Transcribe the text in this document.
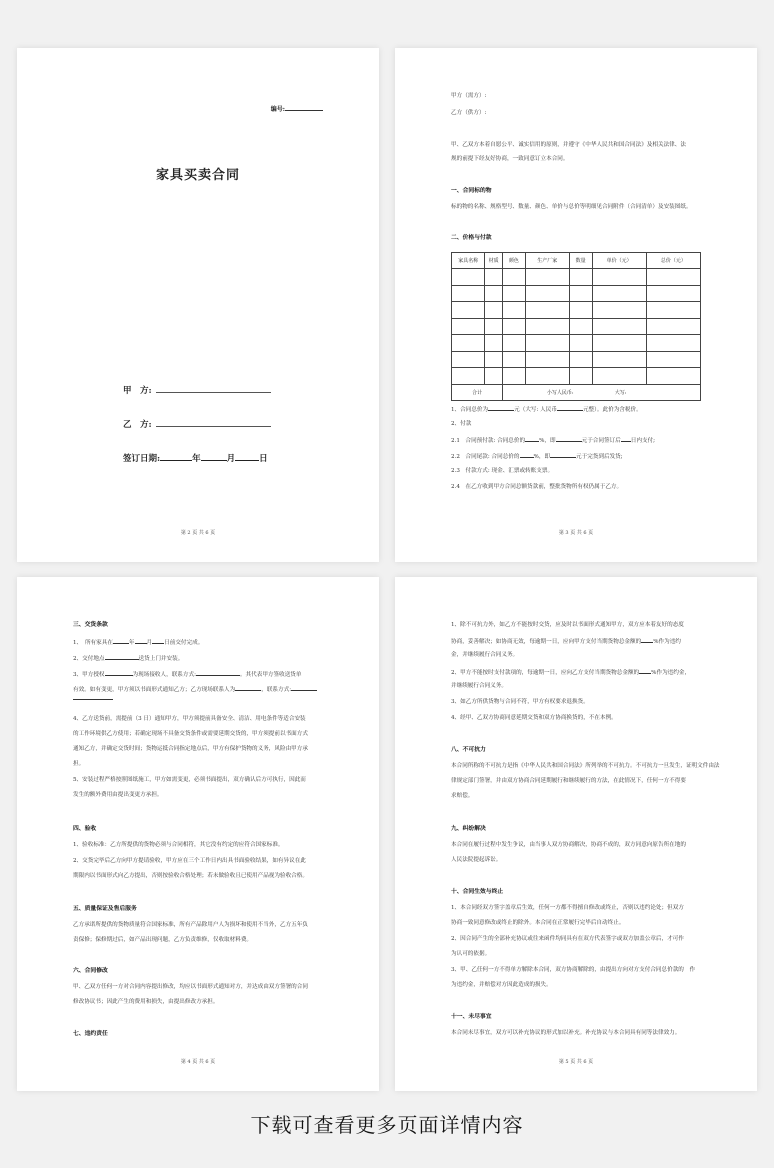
编号:
家具买卖合同
甲　方:
乙　方:
签订日期:	年	月	日
第 2 页 共 6 页
甲方（需方）:
乙方（供方）:
甲、乙双方本着自愿公平、诚实信用的原则，并遵守《中华人民共和国合同法》及相关法律、法
规的前提下经友好协商，一致同意订立本合同。
一、合同标的物
标的物的名称、规格型号、数量、颜色、单价与总价等明细见合同附件（合同清单）及安装图纸。
二、价格与付款
家具名称	材质	颜色	生产厂家	数量	单价（元）	总价（元）

合计		小写人民币: 大写:				
1、合同总价为	元（大写: 人民币	元整）。此价为含税价。
2、付款
2.1　合同预付款: 合同总价的	%，即	元于合同签订后 日内支付;
2.2　合同尾款: 合同总价的	%，即	元于完货到后发货;
2.3　付款方式: 现金、汇票或转账支票。
2.4　在乙方收到甲方合同总额货款前，整批货物所有权仍属于乙方。
第 3 页 共 6 页
三、交货条款
1、　所有家具在	年 月 日前交付完成。
2、交付地点	送货上门并安装。
3、甲方授权	为现场接收人，联系方式:	。其代表甲方签收送货单
有效。如有变更，甲方须以书面形式通知乙方；乙方现场联系人为	，联系方式:
4、乙方送货前，需提前（3 日）通知甲方，甲方须提前具备安全、清洁、用电条件等适合安装
的工作环境供乙方使用；若确定现场不具备交货条件或需要延期交货的，甲方须提前以书面方式
通知乙方，并确定交货时间；货物运抵合同指定地点后，甲方有保护货物的义务，风险由甲方承
担。
5、安装过程严格按照图纸施工，甲方如需变更，必须书面提出，双方确认后方可执行，因此而
发生的额外费用由提出变更方承担。
四、验收
1、验收标准：乙方所提供的货物必须与合同相符，其它没有约定的应符合国家标准。
2、交货完毕后乙方向甲方提请验收，甲方应在三个工作日内出具书面验收结果，如有异议在此
期限内以书面形式向乙方提出，否则按验收合格处理；若未做验收且已使用产品视为验收合格。
五、质量保证及售后服务
乙方承诺所提供的货物质量符合国家标准，所有产品除用户人为损坏和使用不当外，乙方五年负
责保修；保修期过后，如产品出现问题，乙方负责维修，仅收取材料费。
六、合同修改
甲、乙双方任何一方对合同内容提出修改，均应以书面形式通知对方，并达成由双方签署的合同
修改协议书；因此产生的费用和损失，由提出修改方承担。
七、违约责任
第 4 页 共 6 页
1、除不可抗力外，如乙方不能按时交货，应及时以书面形式通知甲方，双方应本着友好的态度
协商，妥善解决；如协商无效，每逾期一日，应向甲方支付当期货物总金额的 %作为违约
金，并继续履行合同义务。
2、甲方不能按时支付款项的，每逾期一日，应向乙方支付当期货物总金额的 %作为违约金，
并继续履行合同义务。
3、如乙方所供货物与合同不符，甲方有权要求退换货。
4、经甲、乙双方协商同意延期交货和双方协商换货的，不在本例。
八、不可抗力
本合同所称的不可抗力是指《中华人民共和国合同法》所列举的不可抗力。不可抗力一旦发生，证明文件由法
律规定部门签署，并由双方协商合同延期履行和继续履行的方法，在此情况下，任何一方不得要
求赔偿。
九、纠纷解决
本合同在履行过程中发生争议，由当事人双方协商解决，协商不成的，双方同意向原告所在地的
人民法院提起诉讼。
十、合同生效与终止
1、本合同经双方签字盖章后生效，任何一方都不得擅自修改或终止，否则以违约论处；但双方
协商一致同意修改或终止的除外。本合同在正常履行完毕后自动终止。
2、因合同产生的全部补充协议或往来函件均同具有在双方代表签字或双方加盖公章后，才可作
为认可的依据。
3、甲、乙任何一方不得单方解除本合同，双方协商解除的，由提出方向对方支付合同总价款的　作
为违约金，并赔偿对方因此造成的损失。
十一、未尽事宜
本合同未尽事宜，双方可以补充协议的形式加以补充。补充协议与本合同具有同等法律效力。
第 5 页 共 6 页
下载可查看更多页面详情内容
